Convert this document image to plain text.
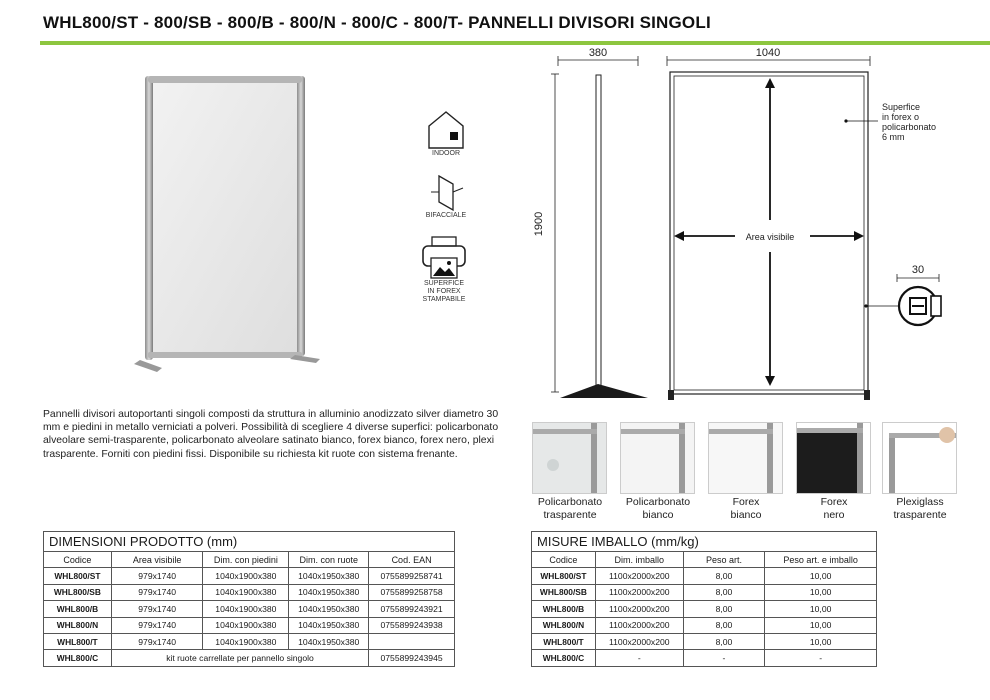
WHL800/ST - 800/SB - 800/B - 800/N - 800/C - 800/T- PANNELLI DIVISORI SINGOLI
INDOOR
BIFACCIALE
SUPERFICE
IN FOREX
STAMPABILE
380	1040
1900
Area visibile
Superfice
in forex o
policarbonato
6 mm
30
Pannelli divisori autoportanti singoli composti da struttura in alluminio anodizzato silver diametro 30 mm e piedini in metallo verniciati a polveri. Possibilità di scegliere 4 diverse superfici: policarbonato alveolare semi-trasparente, policarbonato alveolare satinato bianco, forex bianco, forex nero, plexi trasparente. Forniti con piedini fissi. Disponibile su richiesta kit ruote con sistema frenante.
Policarbonato
trasparente
Policarbonato
bianco
Forex
bianco
Forex
nero
Plexiglass
trasparente
DIMENSIONI PRODOTTO (mm)				
Codice	Area visibile	Dim. con piedini	Dim. con ruote	Cod. EAN
WHL800/ST	979x1740	1040x1900x380	1040x1950x380	0755899258741
WHL800/SB	979x1740	1040x1900x380	1040x1950x380	0755899258758
WHL800/B	979x1740	1040x1900x380	1040x1950x380	0755899243921
WHL800/N	979x1740	1040x1900x380	1040x1950x380	0755899243938
WHL800/T	979x1740	1040x1900x380	1040x1950x380	
WHL800/C	kit ruote carrellate per pannello singolo			0755899243945
MISURE IMBALLO (mm/kg)			
Codice	Dim. imballo	Peso art.	Peso art. e imballo
WHL800/ST	1100x2000x200	8,00	10,00
WHL800/SB	1100x2000x200	8,00	10,00
WHL800/B	1100x2000x200	8,00	10,00
WHL800/N	1100x2000x200	8,00	10,00
WHL800/T	1100x2000x200	8,00	10,00
WHL800/C	-	-	-
